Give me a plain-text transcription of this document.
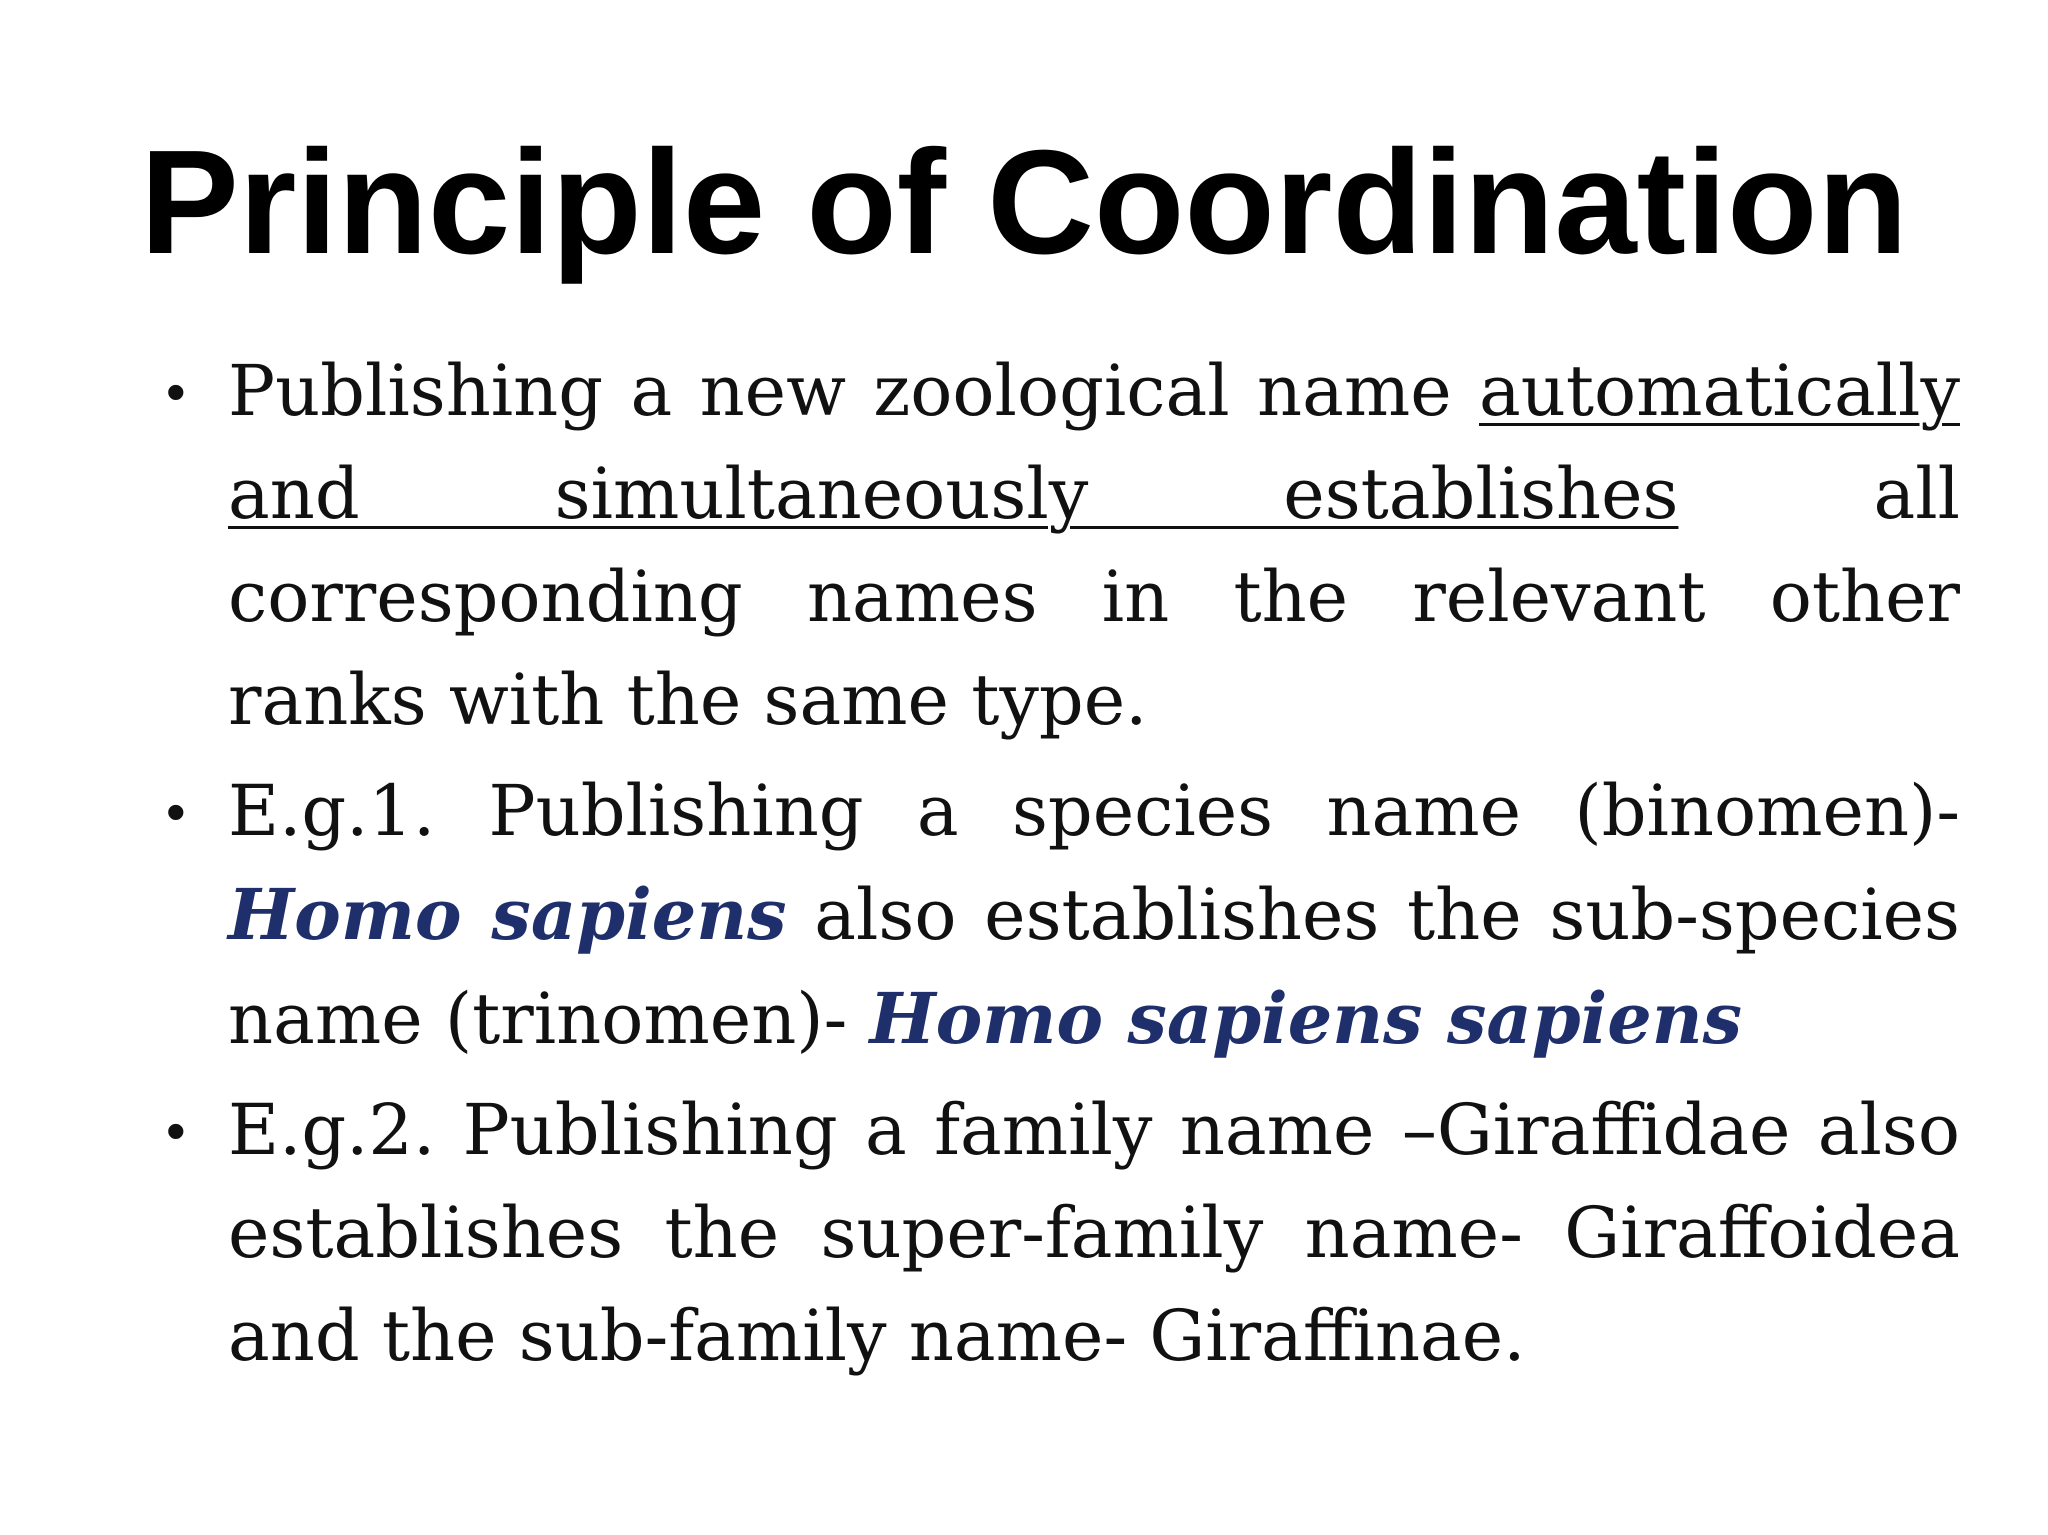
Principle of Coordination
• Publishing a new zoological name automatically and simultaneously establishes all corresponding names in the relevant other ranks with the same type.
• E.g.1. Publishing a species name (binomen)- Homo sapiens also establishes the sub-species name (trinomen)- Homo sapiens sapiens
• E.g.2. Publishing a family name –Giraffidae also establishes the super-family name- Giraffoidea and the sub-family name- Giraffinae.
